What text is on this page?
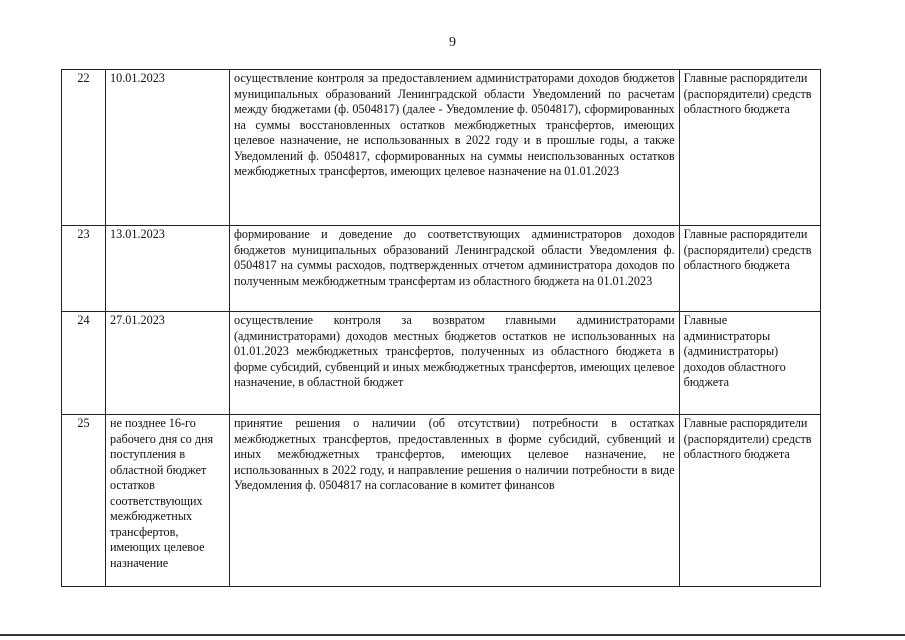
9
22	10.01.2023	осуществление контроля за предоставлением администраторами доходов бюджетов муниципальных образований Ленинградской области Уведомлений по расчетам между бюджетами (ф. 0504817) (далее - Уведомление ф. 0504817), сформированных на суммы восстановленных остатков межбюджетных трансфертов, имеющих целевое назначение, не использованных в 2022 году и в прошлые годы, а также Уведомлений ф. 0504817, сформированных на суммы неиспользованных остатков межбюджетных трансфертов, имеющих целевое назначение на 01.01.2023	Главные распорядители (распорядители) средств областного бюджета
23	13.01.2023	формирование и доведение до соответствующих администраторов доходов бюджетов муниципальных образований Ленинградской области Уведомления ф. 0504817 на суммы расходов, подтвержденных отчетом администратора доходов по полученным межбюджетным трансфертам из областного бюджета на 01.01.2023	Главные распорядители (распорядители) средств областного бюджета
24	27.01.2023	осуществление контроля за возвратом главными администраторами (администраторами) доходов местных бюджетов остатков не использованных на 01.01.2023 межбюджетных трансфертов, полученных из областного бюджета в форме субсидий, субвенций и иных межбюджетных трансфертов, имеющих целевое назначение, в областной бюджет	Главные администраторы (администраторы) доходов областного бюджета
25	не позднее 16-го рабочего дня со дня поступления в областной бюджет остатков соответствующих межбюджетных трансфертов, имеющих целевое назначение	принятие решения о наличии (об отсутствии) потребности в остатках межбюджетных трансфертов, предоставленных в форме субсидий, субвенций и иных межбюджетных трансфертов, имеющих целевое назначение, не использованных в 2022 году, и направление решения о наличии потребности в виде Уведомления ф. 0504817 на согласование в комитет финансов	Главные распорядители (распорядители) средств областного бюджета
